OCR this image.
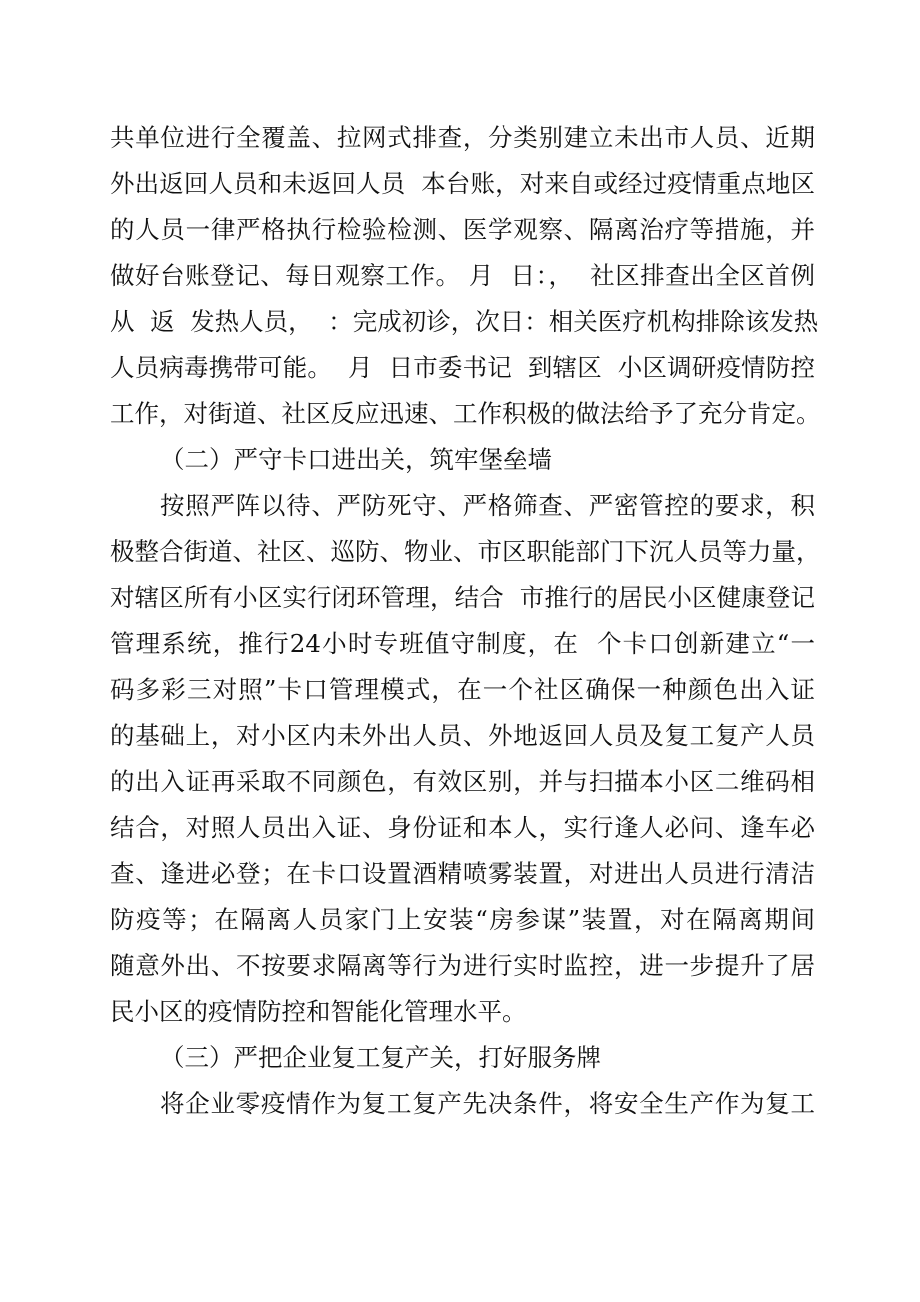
共单位进行全覆盖、拉网式排查，分类别建立未出市人员、近期
外出返回人员和未返回人员  本台账，对来自或经过疫情重点地区
的人员一律严格执行检验检测、医学观察、隔离治疗等措施，并
做好台账登记、每日观察工作。 月  日：，  社区排查出全区首例
从  返  发热人员，  ：完成初诊，次日：相关医疗机构排除该发热
人员病毒携带可能。  月  日市委书记  到辖区  小区调研疫情防控
工作，对街道、社区反应迅速、工作积极的做法给予了充分肯定。
（二）严守卡口进出关，筑牢堡垒墙
按照严阵以待、严防死守、严格筛查、严密管控的要求，积
极整合街道、社区、巡防、物业、市区职能部门下沉人员等力量，
对辖区所有小区实行闭环管理，结合  市推行的居民小区健康登记
管理系统，推行24小时专班值守制度，在  个卡口创新建立“一
码多彩三对照”卡口管理模式，在一个社区确保一种颜色出入证
的基础上，对小区内未外出人员、外地返回人员及复工复产人员
的出入证再采取不同颜色，有效区别，并与扫描本小区二维码相
结合，对照人员出入证、身份证和本人，实行逢人必问、逢车必
查、逢进必登；在卡口设置酒精喷雾装置，对进出人员进行清洁
防疫等；在隔离人员家门上安装“房参谋”装置，对在隔离期间
随意外出、不按要求隔离等行为进行实时监控，进一步提升了居
民小区的疫情防控和智能化管理水平。
（三）严把企业复工复产关，打好服务牌
将企业零疫情作为复工复产先决条件，将安全生产作为复工
